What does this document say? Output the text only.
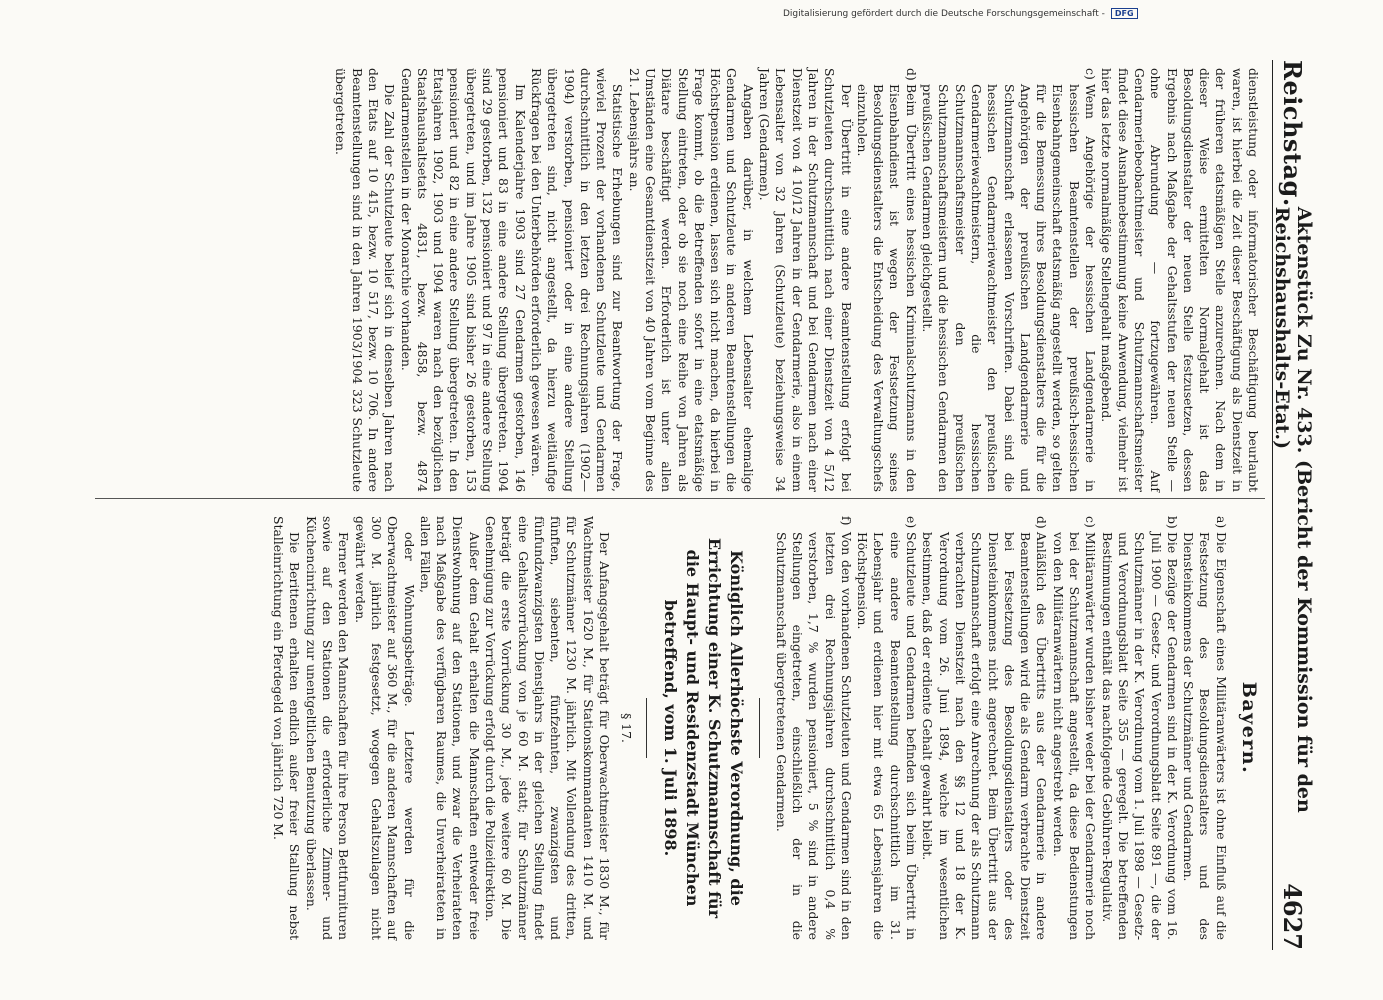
Reichstag.
Aktenstück Zu Nr. 433. (Bericht der Kommission für den Reichshaushalts-Etat.)
4627

dienstleistung oder informatorischer Beschäftigung beurlaubt waren, ist hierbei die Zeit dieser Beschäftigung als Dienstzeit in der früheren etatsmäßigen Stelle anzurechnen. Nach dem in dieser Weise ermittelten Normalgehalt ist das Besoldungsdienstalter der neuen Stelle festzusetzen, dessen Ergebnis nach Maßgabe der Gehaltsstufen der neuen Stelle — ohne Abrundung — fortzugewähren. Auf Gendarmeriebeobachtmeister und Schutzmannschaftsmeister findet diese Ausnahmebestimmung keine Anwendung, vielmehr ist hier das letzte normalmäßige Stellengehalt maßgebend.

c)
Wenn Angehörige der hessischen Landgendarmerie in hessischen Beamtenstellen der preußisch-hessischen Eisenbahngemeinschaft etatsmäßig angestellt werden, so gelten für die Bemessung ihres Besoldungsdienstalters die für die Angehörigen der preußischen Landgendarmerie und Schutzmannschaft erlassenen Vorschriften. Dabei sind die hessischen Gendarmeriewachtmeister den preußischen Gendarmeriewachtmeistern, die hessischen Schutzmannschaftsmeister den preußischen Schutzmannschaftsmeistern und die hessischen Gendarmen den preußischen Gendarmen gleichgestellt.

d)
Beim Übertritt eines hessischen Kriminalschutzmanns in den Eisenbahndienst ist wegen der Festsetzung seines Besoldungsdienstalters die Entscheidung des Verwaltungschefs einzuholen.

Der Übertritt in eine andere Beamtenstellung erfolgt bei Schutzleuten durchschnittlich nach einer Dienstzeit von 4 5/12 Jahren in der Schutzmannschaft und bei Gendarmen nach einer Dienstzeit von 4 10/12 Jahren in der Gendarmerie, also in einem Lebensalter von 32 Jahren (Schutzleute) beziehungsweise 34 Jahren (Gendarmen).

Angaben darüber, in welchem Lebensalter ehemalige Gendarmen und Schutzleute in anderen Beamtenstellungen die Höchstpension erdienen, lassen sich nicht machen, da hierbei in Frage kommt, ob die Betreffenden sofort in eine etatsmäßige Stellung eintreten, oder ob sie noch eine Reihe von Jahren als Diätare beschäftigt werden. Erforderlich ist unter allen Umständen eine Gesamtdienstzeit von 40 Jahren vom Beginne des 21. Lebensjahrs an.

Statistische Erhebungen sind zur Beantwortung der Frage, wieviel Prozent der vorhandenen Schutzleute und Gendarmen durchschnittlich in den letzten drei Rechnungsjahren (1902—1904) verstorben, pensioniert oder in eine andere Stellung übergetreten sind, nicht angestellt, da hierzu weitläufige Rückfragen bei den Unterbehörden erforderlich gewesen wären.

Im Kalenderjahre 1903 sind 27 Gendarmen gestorben, 146 pensioniert und 83 in eine andere Stellung übergetreten. 1904 sind 29 gestorben, 132 pensioniert und 97 in eine andere Stellung übergetreten, und im Jahre 1905 sind bisher 26 gestorben, 153 pensioniert und 82 in eine andere Stellung übergetreten. In den Etatsjahren 1902, 1903 und 1904 waren nach den bezüglichen Staatshaushaltsetats 4831, bezw. 4858, bezw. 4874 Gendarmenstellen in der Monarchie vorhanden.

Die Zahl der Schutzleute belief sich in denselben Jahren nach den Etats auf 10 415, bezw. 10 517, bezw. 10 706. In andere Beamtenstellungen sind in den Jahren 1903/1904 323 Schutzleute übergetreten.

Bayern.

a)
Die Eigenschaft eines Militäranwärters ist ohne Einfluß auf die Festsetzung des Besoldungsdienstalters und des Diensteinkommens der Schutzmänner und Gendarmen.

b)
Die Bezüge der Gendarmen sind in der K. Verordnung vom 16. Juli 1900 — Gesetz- und Verordnungsblatt Seite 891 —, die der Schutzmänner in der K. Verordnung vom 1. Juli 1898 — Gesetz- und Verordnungsblatt Seite 355 — geregelt. Die betreffenden Bestimmungen enthält das nachfolgende Gebühren-Regulativ.

c)
Militäranwärter wurden bisher weder bei der Gendarmerie noch bei der Schutzmannschaft angestellt, da diese Bedienstungen von den Militäranwärtern nicht angestrebt werden.

d)
Anläßlich des Übertritts aus der Gendarmerie in andere Beamtenstellungen wird die als Gendarm verbrachte Dienstzeit bei Festsetzung des Besoldungsdienstalters oder des Diensteinkommens nicht angerechnet. Beim Übertritt aus der Schutzmannschaft erfolgt eine Anrechnung der als Schutzmann verbrachten Dienstzeit nach den §§ 12 und 18 der K. Verordnung vom 26. Juni 1894, welche im wesentlichen bestimmen, daß der erdiente Gehalt gewahrt bleibt.

e)
Schutzleute und Gendarmen befinden sich beim Übertritt in eine andere Beamtenstellung durchschnittlich im 31. Lebensjahr und erdienen hier mit etwa 65 Lebensjahren die Höchstpension.

f)
Von den vorhandenen Schutzleuten und Gendarmen sind in den letzten drei Rechnungsjahren durchschnittlich 0,4 % verstorben, 1,7 % wurden pensioniert, 5 % sind in andere Stellungen eingetreten, einschließlich der in die Schutzmannschaft übergetretenen Gendarmen.

Königlich Allerhöchste Verordnung, die Errichtung einer K. Schutzmannschaft für die Haupt- und Residenzstadt München betreffend, vom 1. Juli 1898.
§ 17.

Der Anfangsgehalt beträgt für Oberwachtmeister 1830 M., für Wachtmeister 1620 M., für Stationskommandanten 1410 M. und für Schutzmänner 1230 M. jährlich. Mit Vollendung des dritten, fünften, siebenten, fünfzehnten, zwanzigsten und fünfundzwanzigsten Dienstjahrs in der gleichen Stellung findet eine Gehaltsvorrückung von je 60 M. statt; für Schutzmänner beträgt die erste Vorrückung 30 M., jede weitere 60 M. Die Genehmigung zur Vorrückung erfolgt durch die Polizeidirektion.

Außer dem Gehalt erhalten die Mannschaften entweder freie Dienstwohnung auf den Stationen, und zwar die Verheirateten nach Maßgabe des verfügbaren Raumes, die Unverheirateten in allen Fällen,

oder Wohnungsbeiträge. Letztere werden für die Oberwachtmeister auf 360 M., für die anderen Mannschaften auf 300 M. jährlich festgesetzt, wogegen Gehaltszulagen nicht gewährt werden.

Ferner werden den Mannschaften für ihre Person Bettfurnituren sowie auf den Stationen die erforderliche Zimmer- und Küchencinrichtung zur unentgeltlichen Benutzung überlassen.

Die Berittenen erhalten endlich außer freier Stallung nebst Stalleinrichtung ein Pferdegeld von jährlich 720 M.

Digitalisierung gefördert durch die Deutsche Forschungsgemeinschaft - DFG
